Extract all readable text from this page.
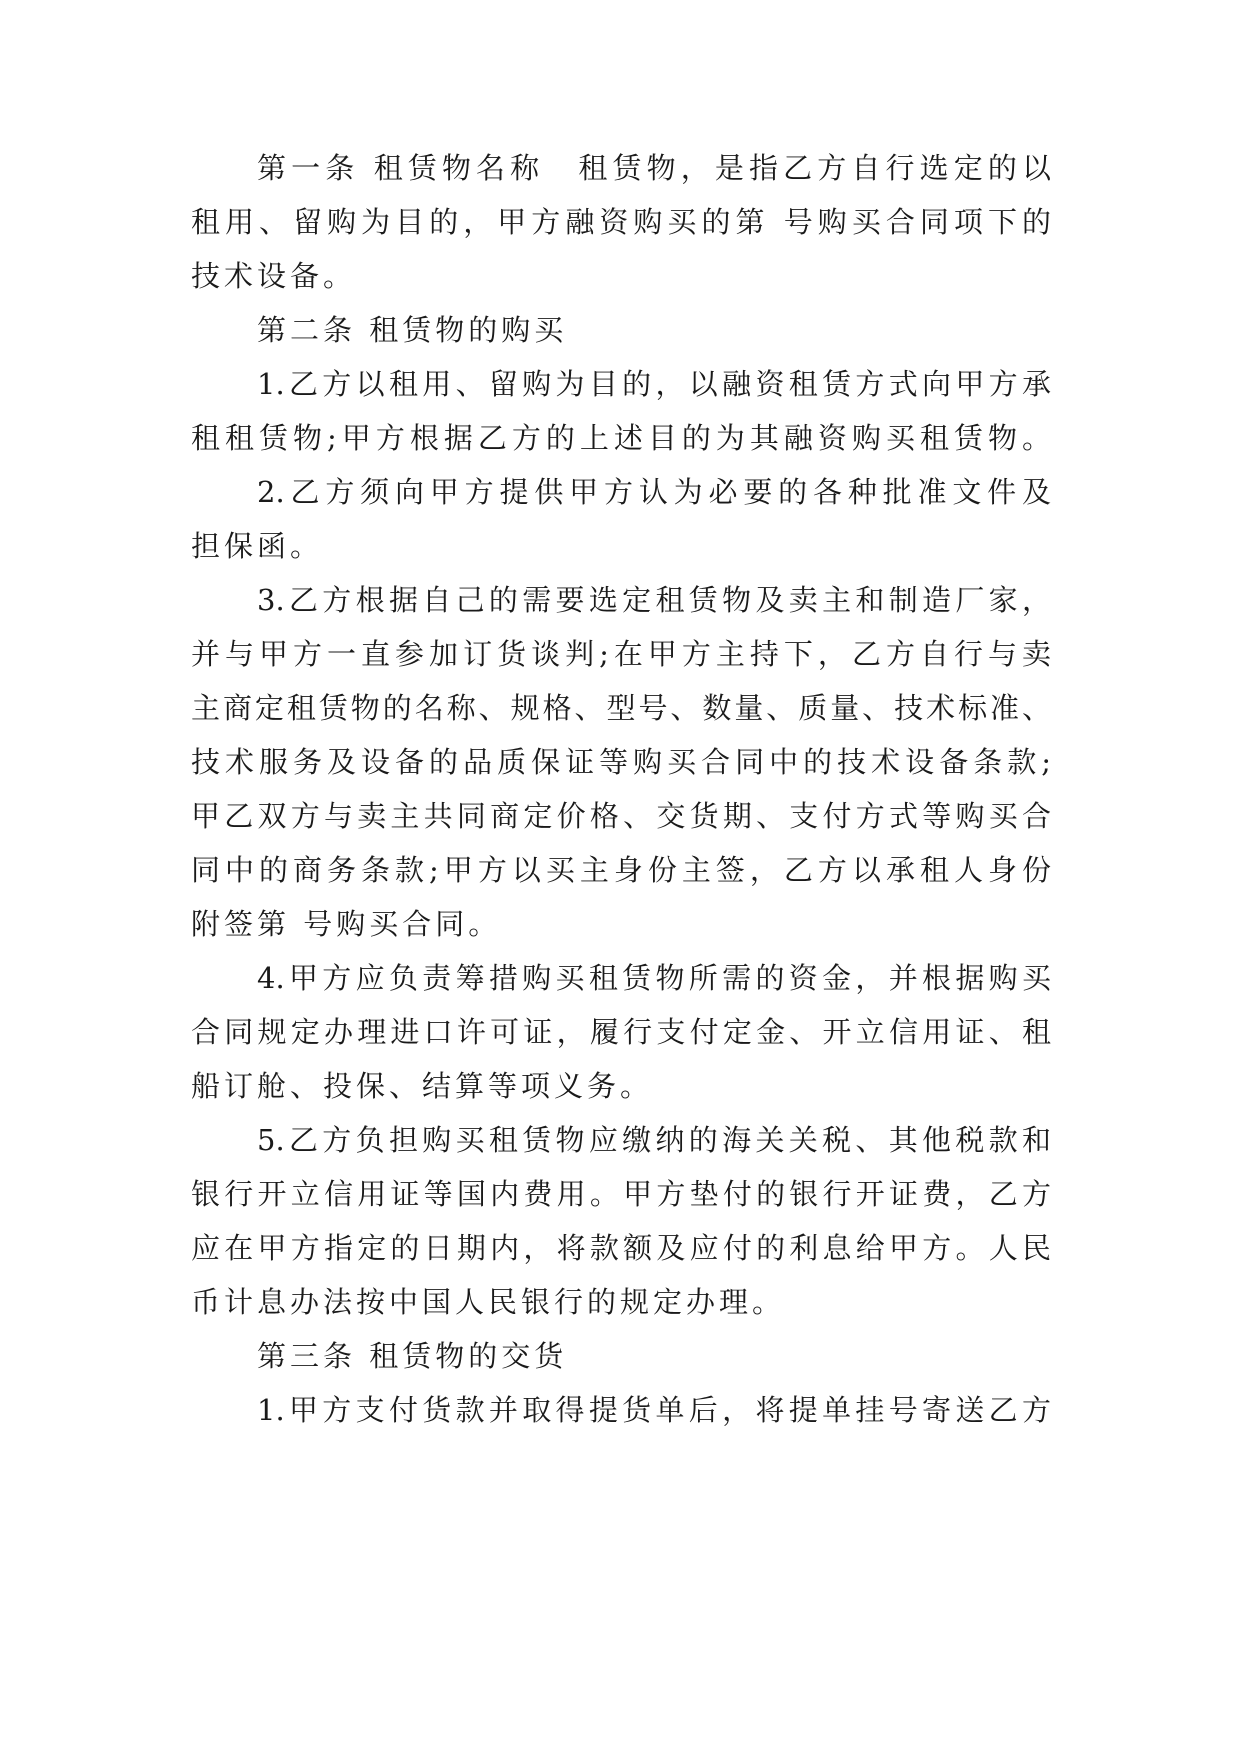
第一条 租赁物名称　租赁物，是指乙方自行选定的以
租用、留购为目的，甲方融资购买的第 号购买合同项下的
技术设备。
第二条 租赁物的购买
1.乙方以租用、留购为目的，以融资租赁方式向甲方承
租租赁物;甲方根据乙方的上述目的为其融资购买租赁物。
2.乙方须向甲方提供甲方认为必要的各种批准文件及
担保函。
3.乙方根据自己的需要选定租赁物及卖主和制造厂家，
并与甲方一直参加订货谈判;在甲方主持下，乙方自行与卖
主商定租赁物的名称、规格、型号、数量、质量、技术标准、
技术服务及设备的品质保证等购买合同中的技术设备条款;
甲乙双方与卖主共同商定价格、交货期、支付方式等购买合
同中的商务条款;甲方以买主身份主签，乙方以承租人身份
附签第 号购买合同。
4.甲方应负责筹措购买租赁物所需的资金，并根据购买
合同规定办理进口许可证，履行支付定金、开立信用证、租
船订舱、投保、结算等项义务。
5.乙方负担购买租赁物应缴纳的海关关税、其他税款和
银行开立信用证等国内费用。甲方垫付的银行开证费，乙方
应在甲方指定的日期内，将款额及应付的利息给甲方。人民
币计息办法按中国人民银行的规定办理。
第三条 租赁物的交货
1.甲方支付货款并取得提货单后，将提单挂号寄送乙方
